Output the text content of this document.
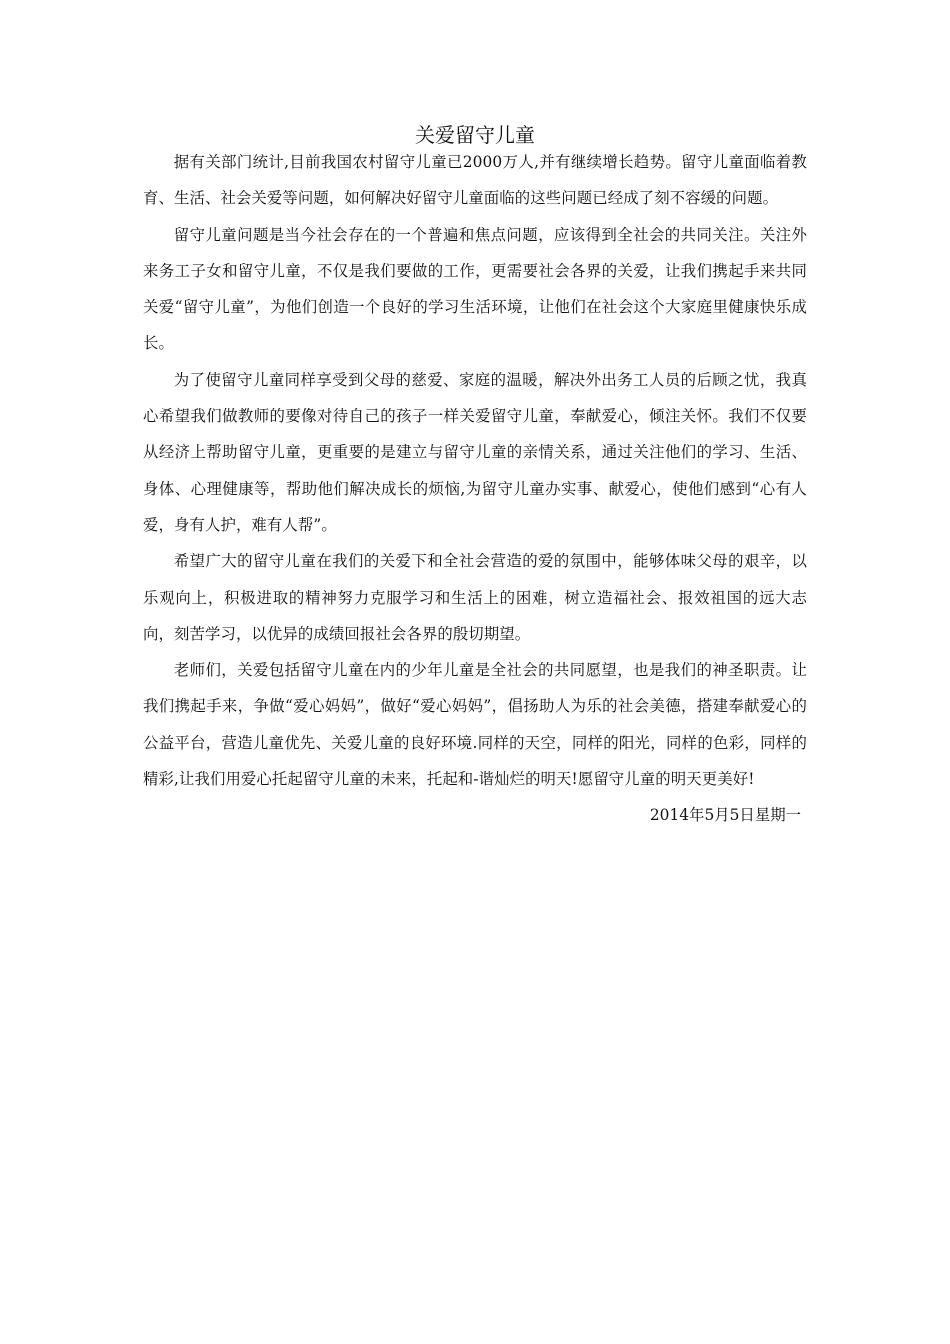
关爱留守儿童

据有关部门统计,目前我国农村留守儿童已2000万人,并有继续增长趋势。留守儿童面临着教育、生活、社会关爱等问题，如何解决好留守儿童面临的这些问题已经成了刻不容缓的问题。

留守儿童问题是当今社会存在的一个普遍和焦点问题，应该得到全社会的共同关注。关注外来务工子女和留守儿童，不仅是我们要做的工作，更需要社会各界的关爱，让我们携起手来共同关爱“留守儿童”，为他们创造一个良好的学习生活环境，让他们在社会这个大家庭里健康快乐成长。

为了使留守儿童同样享受到父母的慈爱、家庭的温暖，解决外出务工人员的后顾之忧，我真心希望我们做教师的要像对待自己的孩子一样关爱留守儿童，奉献爱心，倾注关怀。我们不仅要从经济上帮助留守儿童，更重要的是建立与留守儿童的亲情关系，通过关注他们的学习、生活、身体、心理健康等，帮助他们解决成长的烦恼,为留守儿童办实事、献爱心，使他们感到“心有人爱，身有人护，难有人帮”。

希望广大的留守儿童在我们的关爱下和全社会营造的爱的氛围中，能够体味父母的艰辛，以乐观向上，积极进取的精神努力克服学习和生活上的困难，树立造福社会、报效祖国的远大志向，刻苦学习，以优异的成绩回报社会各界的殷切期望。

老师们，关爱包括留守儿童在内的少年儿童是全社会的共同愿望，也是我们的神圣职责。让我们携起手来，争做“爱心妈妈”，做好“爱心妈妈”，倡扬助人为乐的社会美德，搭建奉献爱心的公益平台，营造儿童优先、关爱儿童的良好环境.同样的天空，同样的阳光，同样的色彩，同样的精彩,让我们用爱心托起留守儿童的未来，托起和-谐灿烂的明天!愿留守儿童的明天更美好!

2014年5月5日星期一
